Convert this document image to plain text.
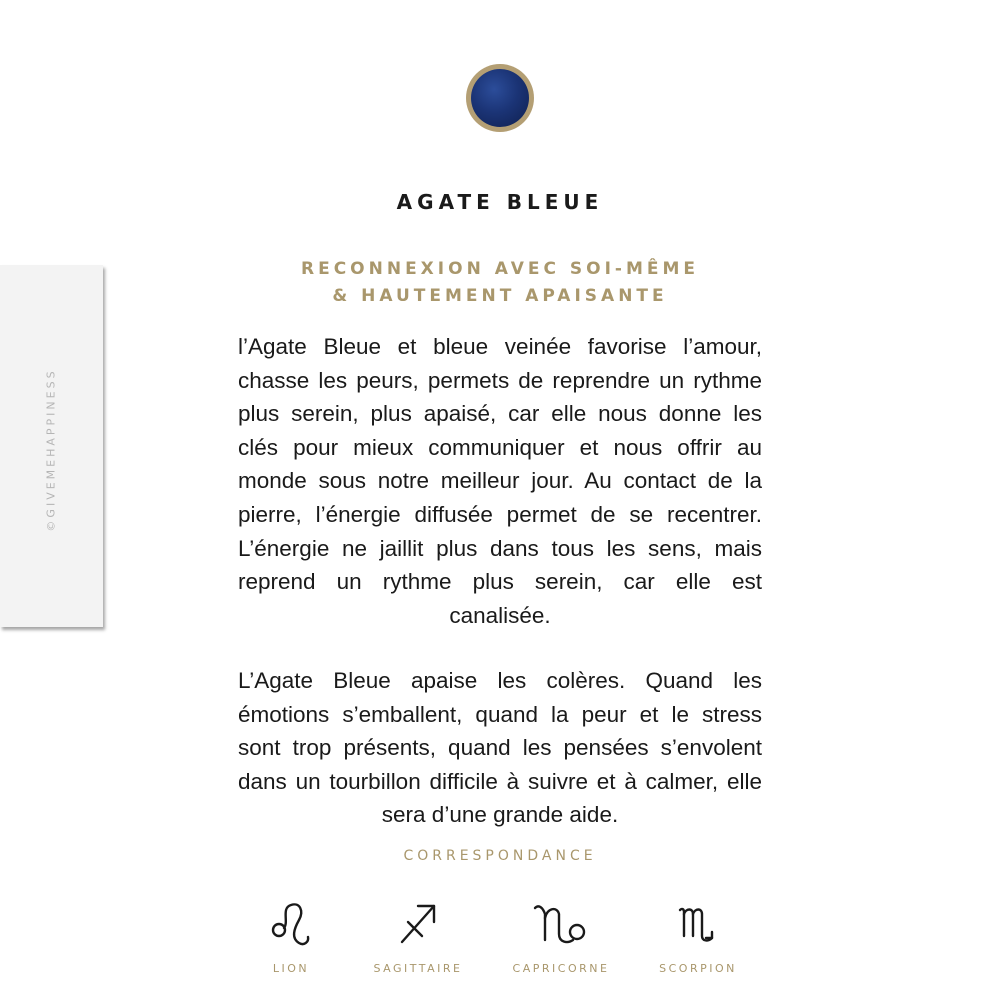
©GIVEMEHAPPINESS
AGATE BLEUE
RECONNEXION AVEC SOI-MÊME
& HAUTEMENT APAISANTE
l’Agate Bleue et bleue veinée favorise l’amour, chasse les peurs, permets de reprendre un rythme plus serein, plus apaisé, car elle nous donne les clés pour mieux communiquer et nous offrir au monde sous notre meilleur jour. Au contact de la pierre, l’énergie diffusée permet de se recentrer. L’énergie ne jaillit plus dans tous les sens, mais reprend un rythme plus serein, car elle est canalisée.
L’Agate Bleue apaise les colères. Quand les émotions s’emballent, quand la peur et le stress sont trop présents, quand les pensées s’envolent dans un tourbillon difficile à suivre et à calmer, elle sera d’une grande aide.
CORRESPONDANCE
LION	SAGITTAIRE	CAPRICORNE	SCORPION
